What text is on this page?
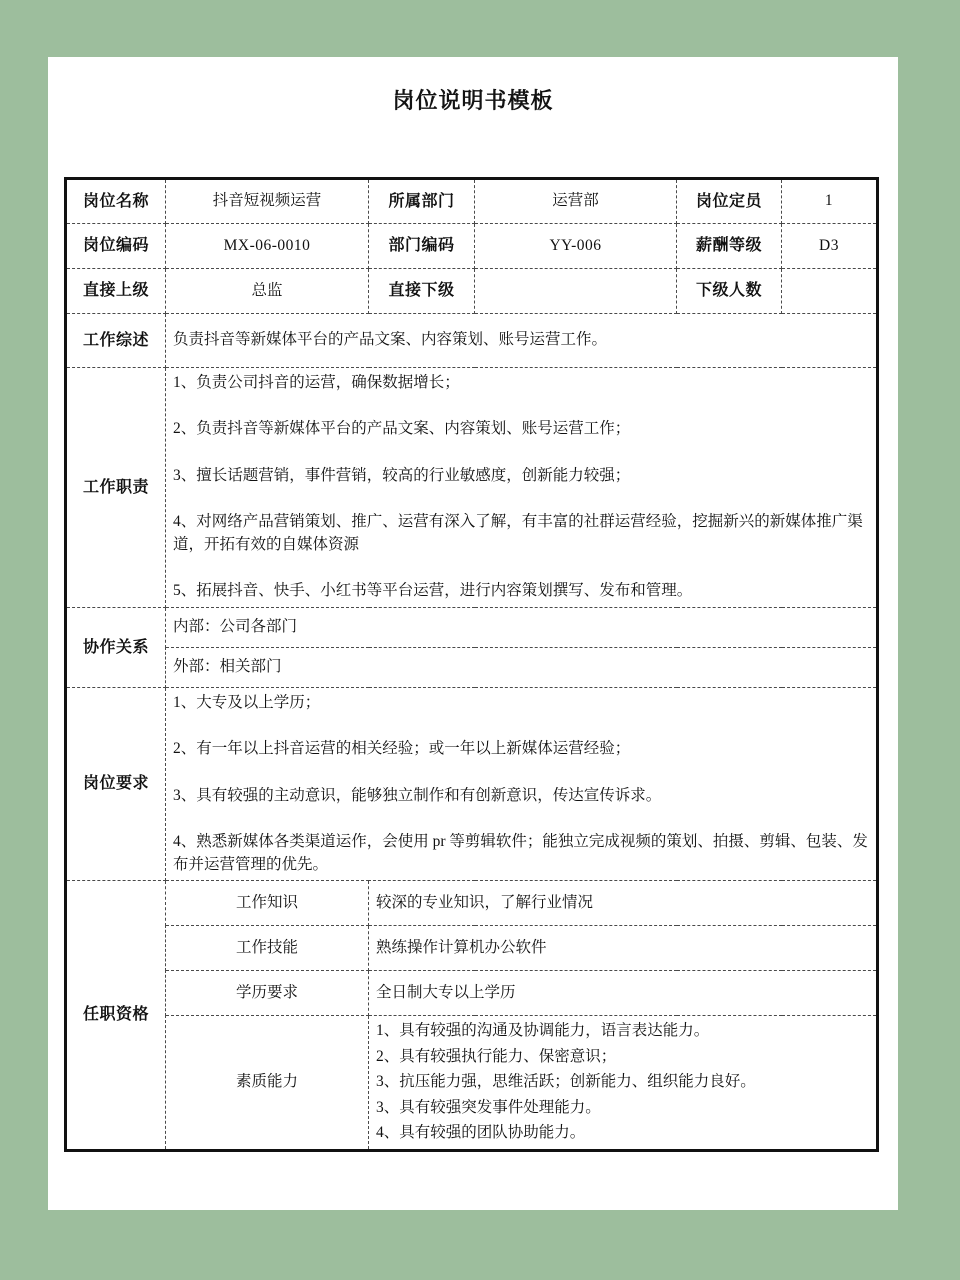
岗位说明书模板
岗位名称	抖音短视频运营	所属部门	运营部	岗位定员	1
岗位编码	MX-06-0010	部门编码	YY-006	薪酬等级	D3
直接上级	总监	直接下级		下级人数	
工作综述	负责抖音等新媒体平台的产品文案、内容策划、账号运营工作。				
工作职责	1、负责公司抖音的运营，确保数据增长；

2、负责抖音等新媒体平台的产品文案、内容策划、账号运营工作；

3、擅长话题营销，事件营销，较高的行业敏感度，创新能力较强；

4、对网络产品营销策划、推广、运营有深入了解，有丰富的社群运营经验，挖掘新兴的新媒体推广渠道，开拓有效的自媒体资源

5、拓展抖音、快手、小红书等平台运营，进行内容策划撰写、发布和管理。				

协作关系	内部：公司各部门				
	外部：相关部门				
岗位要求	1、大专及以上学历；

2、有一年以上抖音运营的相关经验；或一年以上新媒体运营经验；

3、具有较强的主动意识，能够独立制作和有创新意识，传达宣传诉求。

4、熟悉新媒体各类渠道运作，会使用 pr 等剪辑软件；能独立完成视频的策划、拍摄、剪辑、包装、发布并运营管理的优先。				

任职资格	工作知识	较深的专业知识，了解行业情况			
	工作技能	熟练操作计算机办公软件			
	学历要求	全日制大专以上学历			
	素质能力	1、具有较强的沟通及协调能力，语言表达能力。

2、具有较强执行能力、保密意识；

3、抗压能力强，思维活跃；创新能力、组织能力良好。

3、具有较强突发事件处理能力。

4、具有较强的团队协助能力。			
